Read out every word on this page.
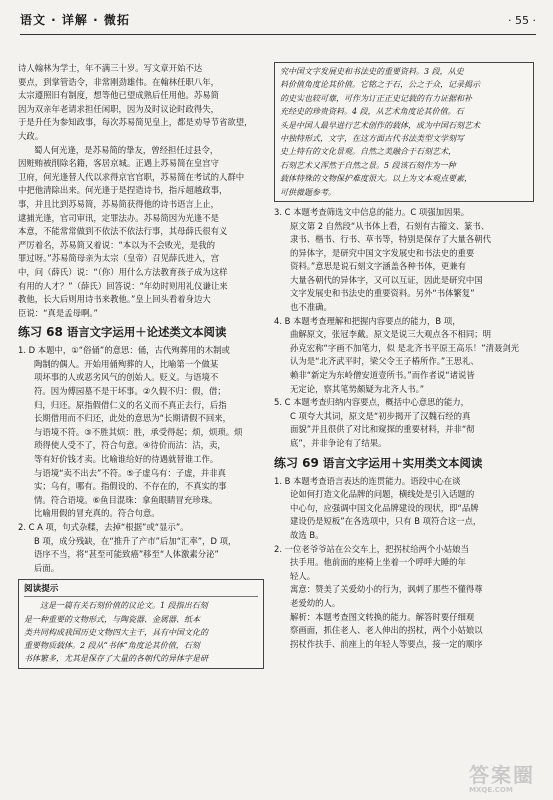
语文 · 详解 · 微拓	· 55 ·
诗人翰林为学士，年不满三十岁。写文章开始不达
要点，到掌管诰令，非常刚劲雄伟。在翰林任职八年，
太宗遵照旧有制度，想等他已望成熟后任用他。苏易简
因为双亲年老请求担任闲职，因为及时议论时政得失，
于是升任为参知政事，每次苏易简见皇上，都是劝导节省欲望，
大政。
蜀人何光逢，是苏易简的挚友，曾经担任过县令，
因赃贿被削除名籍，客居京城。正遇上苏易简在皇宫守
卫府，何光逢替人代以求得京官官职，苏易简在考试的人群中
中把他清除出来。何光逢于是捏造诗书，指斥超越政事，
事，并且比到苏易简，苏易简获得他的诗书语言上止，
逮捕光逢，官司审讯，定罪法办。苏易简因为光逢不是
本意，不能常常做到不依法不依法行事，其母薛氏很有义
严厉着名，苏易简又着说：“本以为不会败光，是我的
罪过呀。”苏易简母亲为太宗（皇帝）召见薛氏进入，宫
中，问（薛氏）说：“（你）用什么方法教育孩子成为这样
有用的人才？”（薛氏）回答说：“年幼时则用礼仪谦让来
教他，长大后则用诗书来教他。”皇上回头看着身边大
臣说：“真是孟母啊。”
练习 68 语言文字运用＋论述类文本阅读
1. D 本题中，①“俗俑”的意思：俑，古代殉葬用的木制或
陶制的偶人。开始用俑殉葬的人，比喻第一个做某
项坏事的人或恶劣风气的创始人。贬义。与语境不
符。因为傅园墓不是干坏事。②久假不归：假，借；
归，归还。原指假借仁义的名义而不真正去行，后指
长期借用而不归还，此处的意思为“长期请假不回来，
与语境不符。③不胜其烦：胜，承受得起；烦，烦琐。烦
琐得使人受不了，符合句意。④待价而沽：沽，卖，
等有好价钱才卖。比喻谁给好的待遇就替谁工作。
与语境“卖不出去”不符。⑤子虚乌有：子虚，并非真
实；乌有，哪有。指假设的、不存在的，不真实的事
情。符合语境。⑥鱼目混珠：拿鱼眼睛冒充珍珠。
比喻用假的冒充真的。符合句意。
2. C A 项，句式杂糅，去掉“根据”或“显示”。
B 项，成分残缺，在“推升了产市”后加“汇率”，D 项，
语序不当，将“甚至可能致癌”移至“人体激素分泌”
后面。
阅读提示
这是一篇有关石刻价值的议论文。1 段指出石刻
是一种重要的文物形式，与陶瓷器、金属器、纸本
类共同构成我国历史文物四大主干，具有中国文化的
重要物质载体。2 段从“书体”角度论其价值，石刻
书体繁多，尤其是保存了大量的各朝代的异体字是研
究中国文字发展史和书法史的重要资料。3 段，从史
料价值角度论其价值。它铭之于石，公之于众，记录揭示
的史实也较可靠，可作为订正正史记载的有力证据和补
充经史的珍贵资料。4 段，从艺术角度论其价值。石
头是中国人最早进行艺术创作的载体，成为中国石刻艺术
中独特形式，文字，在这方面古代书法类型文学刻写
史上特有的文化景观。自然之美融合于石刻艺术，
石刻艺术又浑然于自然之景。5 段该石刻作为一种
载体特殊的文物保护难度很大。以上为文本观点要素，
可供微题参考。
3. C 本题考查筛选文中信息的能力。C 项强加因果。
原文第 2 自然段“从书体上看，石刻有古籀文、篆书、
隶书、楷书、行书、草书等，特别是保存了大量各朝代
的异体字，是研究中国文字发展史和书法史的重要
资料。”意思是说石刻文字涵盖各种书体，更兼有
大量各朝代的异体字，又可以互证，因此是研究中国
文字发展史和书法史的重要资料。另外“书体繁复”
也不准确。
4. B 本题考查理解和把握内容要点的能力，B 项，
曲解原文，张冠李戴。原文是说三大观点各不相同；明
孙克宏称“字画不加笔力，似 是北齐书平原王高乐！”清聂剑光
认为是“北齐武平时，梁父令王子椿所作。”王思礼、
赖非“新定为东岭僧安道壹所书。”而作者说“诸说皆
无定论，察其笔势颇疑为北齐人书。”
5. C 本题考查归纳内容要点，概括中心意思的能力，
C 项夸大其词，原文是“初步揭开了汉魏石经的真
面貌”并且很供了对比和窥探的重要材料，并非“彻
底”，并非争论有了结果。
练习 69 语言文字运用＋实用类文本阅读
1. B 本题考查语言表达的连贯能力。语段中心在谈
论如何打造文化品牌的问题，横线处是引入话题的
中心句，应强调中国文化品牌建设的现状，即“品牌
建设仍是短板”在各选项中，只有 B 项符合这一点，
故选 B。
2. 一位老爷爷站在公交车上，把拐杖给两个小姑娘当
扶手用。他前面的座椅上坐着一个呼呼大睡的年
轻人。
寓意：赞美了关爱幼小的行为，讽刺了那些不懂得尊
老爱幼的人。
解析：本题考查图文转换的能力。解答时要仔细观
察画面，抓住老人、老人伸出的拐杖，两个小姑娘以
拐杖作扶手、前座上的年轻人等要点，接一定的顺序
答案圈
MXQE.COM
